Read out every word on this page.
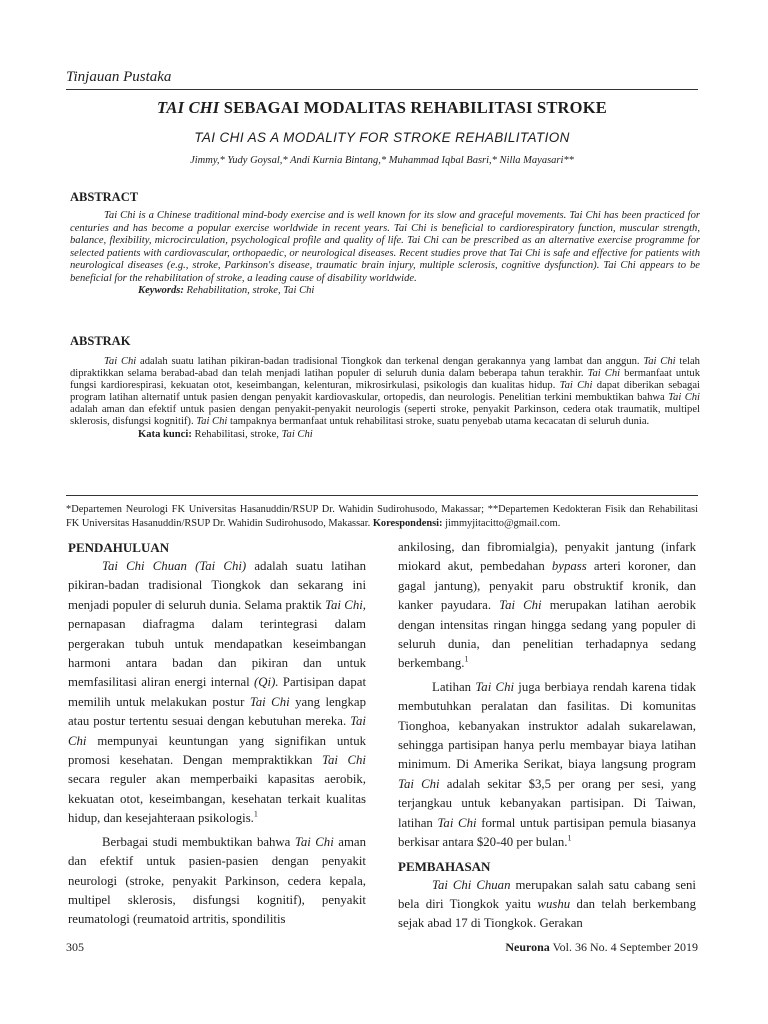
Tinjauan Pustaka
TAI CHI SEBAGAI MODALITAS REHABILITASI STROKE
TAI CHI AS A MODALITY FOR STROKE REHABILITATION
Jimmy,* Yudy Goysal,* Andi Kurnia Bintang,* Muhammad Iqbal Basri,* Nilla Mayasari**
ABSTRACT

Tai Chi is a Chinese traditional mind-body exercise and is well known for its slow and graceful movements. Tai Chi has been practiced for centuries and has become a popular exercise worldwide in recent years. Tai Chi is beneficial to cardiorespiratory function, muscular strength, balance, flexibility, microcirculation, psychological profile and quality of life. Tai Chi can be prescribed as an alternative exercise programme for selected patients with cardiovascular, orthopaedic, or neurological diseases. Recent studies prove that Tai Chi is safe and effective for patients with neurological diseases (e.g., stroke, Parkinson's disease, traumatic brain injury, multiple sclerosis, cognitive dysfunction). Tai Chi appears to be beneficial for the rehabilitation of stroke, a leading cause of disability worldwide.

Keywords: Rehabilitation, stroke, Tai Chi

ABSTRAK

Tai Chi adalah suatu latihan pikiran-badan tradisional Tiongkok dan terkenal dengan gerakannya yang lambat dan anggun. Tai Chi telah dipraktikkan selama berabad-abad dan telah menjadi latihan populer di seluruh dunia dalam beberapa tahun terakhir. Tai Chi bermanfaat untuk fungsi kardiorespirasi, kekuatan otot, keseimbangan, kelenturan, mikrosirkulasi, psikologis dan kualitas hidup. Tai Chi dapat diberikan sebagai program latihan alternatif untuk pasien dengan penyakit kardiovaskular, ortopedis, dan neurologis. Penelitian terkini membuktikan bahwa Tai Chi adalah aman dan efektif untuk pasien dengan penyakit-penyakit neurologis (seperti stroke, penyakit Parkinson, cedera otak traumatik, multipel sklerosis, disfungsi kognitif). Tai Chi tampaknya bermanfaat untuk rehabilitasi stroke, suatu penyebab utama kecacatan di seluruh dunia.

Kata kunci: Rehabilitasi, stroke, Tai Chi

*Departemen Neurologi FK Universitas Hasanuddin/RSUP Dr. Wahidin Sudirohusodo, Makassar; **Departemen Kedokteran Fisik dan Rehabilitasi FK Universitas Hasanuddin/RSUP Dr. Wahidin Sudirohusodo, Makassar. Korespondensi: jimmyjitacitto@gmail.com.
PENDAHULUAN

Tai Chi Chuan (Tai Chi) adalah suatu latihan pikiran-badan tradisional Tiongkok dan sekarang ini menjadi populer di seluruh dunia. Selama praktik Tai Chi, pernapasan diafragma dalam terintegrasi dalam pergerakan tubuh untuk mendapatkan keseimbangan harmoni antara badan dan pikiran dan untuk memfasilitasi aliran energi internal (Qi). Partisipan dapat memilih untuk melakukan postur Tai Chi yang lengkap atau postur tertentu sesuai dengan kebutuhan mereka. Tai Chi mempunyai keuntungan yang signifikan untuk promosi kesehatan. Dengan mempraktikkan Tai Chi secara reguler akan memperbaiki kapasitas aerobik, kekuatan otot, keseimbangan, kesehatan terkait kualitas hidup, dan kesejahteraan psikologis.$^1$

Berbagai studi membuktikan bahwa Tai Chi aman dan efektif untuk pasien-pasien dengan penyakit neurologi (stroke, penyakit Parkinson, cedera kepala, multipel sklerosis, disfungsi kognitif), penyakit reumatologi (reumatoid artritis, spondilitis

ankilosing, dan fibromialgia), penyakit jantung (infark miokard akut, pembedahan bypass arteri koroner, dan gagal jantung), penyakit paru obstruktif kronik, dan kanker payudara. Tai Chi merupakan latihan aerobik dengan intensitas ringan hingga sedang yang populer di seluruh dunia, dan penelitian terhadapnya sedang berkembang.$^1$

Latihan Tai Chi juga berbiaya rendah karena tidak membutuhkan peralatan dan fasilitas. Di komunitas Tionghoa, kebanyakan instruktor adalah sukarelawan, sehingga partisipan hanya perlu membayar biaya latihan minimum. Di Amerika Serikat, biaya langsung program Tai Chi adalah sekitar $3,5 per orang per sesi, yang terjangkau untuk kebanyakan partisipan. Di Taiwan, latihan Tai Chi formal untuk partisipan pemula biasanya berkisar antara $20-40 per bulan.$^1$

PEMBAHASAN

Tai Chi Chuan merupakan salah satu cabang seni bela diri Tiongkok yaitu wushu dan telah berkembang sejak abad 17 di Tiongkok. Gerakan

305	Neurona Vol. 36 No. 4 September 2019
